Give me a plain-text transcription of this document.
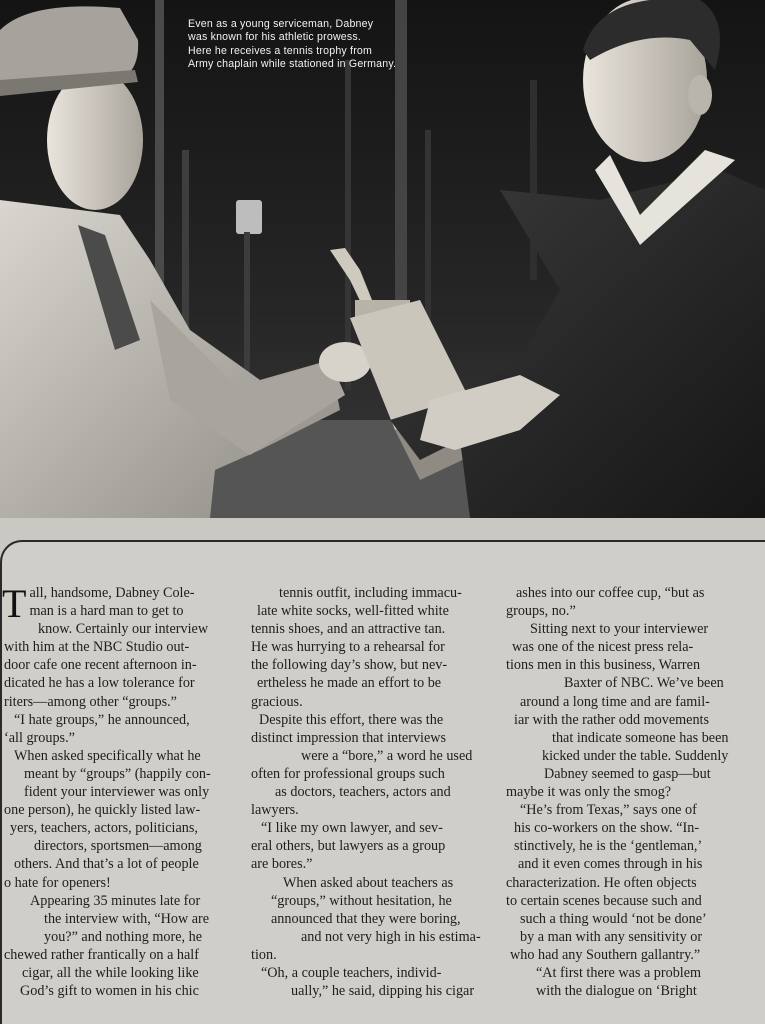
Even as a young serviceman, Dabney
was known for his athletic prowess.
Here he receives a tennis trophy from
Army chaplain while stationed in Germany.
T all, handsome, Dabney Cole-
man is a hard man to get to
know. Certainly our interview
with him at the NBC Studio out-
door cafe one recent afternoon in-
dicated he has a low tolerance for
riters—among other “groups.”
“I hate groups,” he announced,
‘all groups.”
When asked specifically what he
meant by “groups” (happily con-
fident your interviewer was only
one person), he quickly listed law-
yers, teachers, actors, politicians,
directors, sportsmen—among
others. And that’s a lot of people
o hate for openers!
Appearing 35 minutes late for
the interview with, “How are
you?” and nothing more, he
chewed rather frantically on a half
cigar, all the while looking like
God’s gift to women in his chic
tennis outfit, including immacu-
late white socks, well-fitted white
tennis shoes, and an attractive tan.
He was hurrying to a rehearsal for
the following day’s show, but nev-
ertheless he made an effort to be
gracious.
Despite this effort, there was the
distinct impression that interviews
were a “bore,” a word he used
often for professional groups such
as doctors, teachers, actors and
lawyers.
“I like my own lawyer, and sev-
eral others, but lawyers as a group
are bores.”
When asked about teachers as
“groups,” without hesitation, he
announced that they were boring,
and not very high in his estima-
tion.
“Oh, a couple teachers, individ-
ually,” he said, dipping his cigar
ashes into our coffee cup, “but as
groups, no.”
Sitting next to your interviewer
was one of the nicest press rela-
tions men in this business, Warren
Baxter of NBC. We’ve been
around a long time and are famil-
iar with the rather odd movements
that indicate someone has been
kicked under the table. Suddenly
Dabney seemed to gasp—but
maybe it was only the smog?
“He’s from Texas,” says one of
his co-workers on the show. “In-
stinctively, he is the ‘gentleman,’
and it even comes through in his
characterization. He often objects
to certain scenes because such and
such a thing would ‘not be done’
by a man with any sensitivity or
who had any Southern gallantry.”
“At first there was a problem
with the dialogue on ‘Bright
